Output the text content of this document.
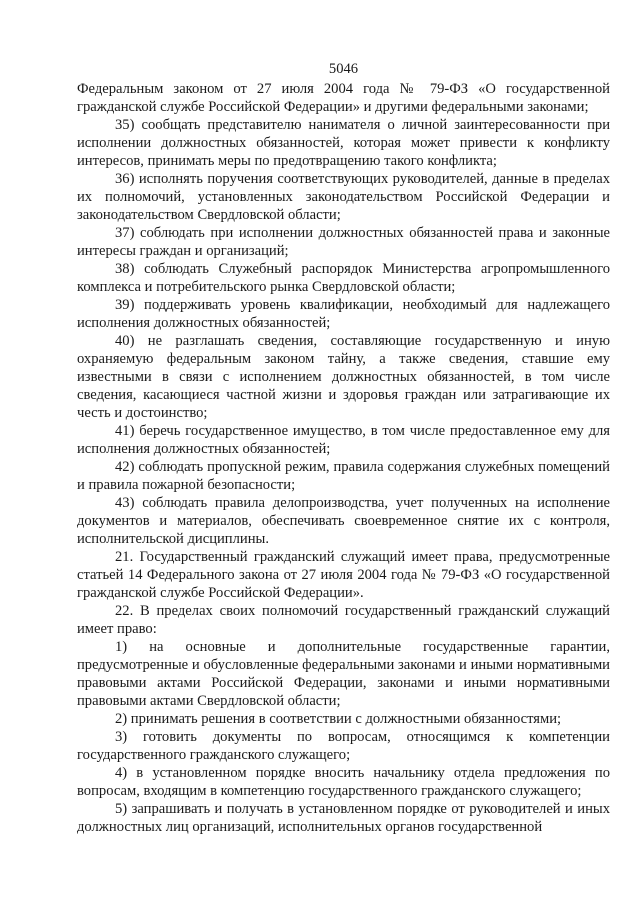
5046

Федеральным законом от 27 июля 2004 года № 79-ФЗ «О государственной гражданской службе Российской Федерации» и другими федеральными законами;

35) сообщать представителю нанимателя о личной заинтересованности при исполнении должностных обязанностей, которая может привести к конфликту интересов, принимать меры по предотвращению такого конфликта;

36) исполнять поручения соответствующих руководителей, данные в пределах их полномочий, установленных законодательством Российской Федерации и законодательством Свердловской области;

37) соблюдать при исполнении должностных обязанностей права и законные интересы граждан и организаций;

38) соблюдать Служебный распорядок Министерства агропромышленного комплекса и потребительского рынка Свердловской области;

39) поддерживать уровень квалификации, необходимый для надлежащего исполнения должностных обязанностей;

40) не разглашать сведения, составляющие государственную и иную охраняемую федеральным законом тайну, а также сведения, ставшие ему известными в связи с исполнением должностных обязанностей, в том числе сведения, касающиеся частной жизни и здоровья граждан или затрагивающие их честь и достоинство;

41) беречь государственное имущество, в том числе предоставленное ему для исполнения должностных обязанностей;

42) соблюдать пропускной режим, правила содержания служебных помещений и правила пожарной безопасности;

43) соблюдать правила делопроизводства, учет полученных на исполнение документов и материалов, обеспечивать своевременное снятие их с контроля, исполнительской дисциплины.

21. Государственный гражданский служащий имеет права, предусмотренные статьей 14 Федерального закона от 27 июля 2004 года № 79-ФЗ «О государственной гражданской службе Российской Федерации».

22. В пределах своих полномочий государственный гражданский служащий имеет право:

1) на основные и дополнительные государственные гарантии, предусмотренные и обусловленные федеральными законами и иными нормативными правовыми актами Российской Федерации, законами и иными нормативными правовыми актами Свердловской области;

2) принимать решения в соответствии с должностными обязанностями;

3) готовить документы по вопросам, относящимся к компетенции государственного гражданского служащего;

4) в установленном порядке вносить начальнику отдела предложения по вопросам, входящим в компетенцию государственного гражданского служащего;

5) запрашивать и получать в установленном порядке от руководителей и иных должностных лиц организаций, исполнительных органов государственной
